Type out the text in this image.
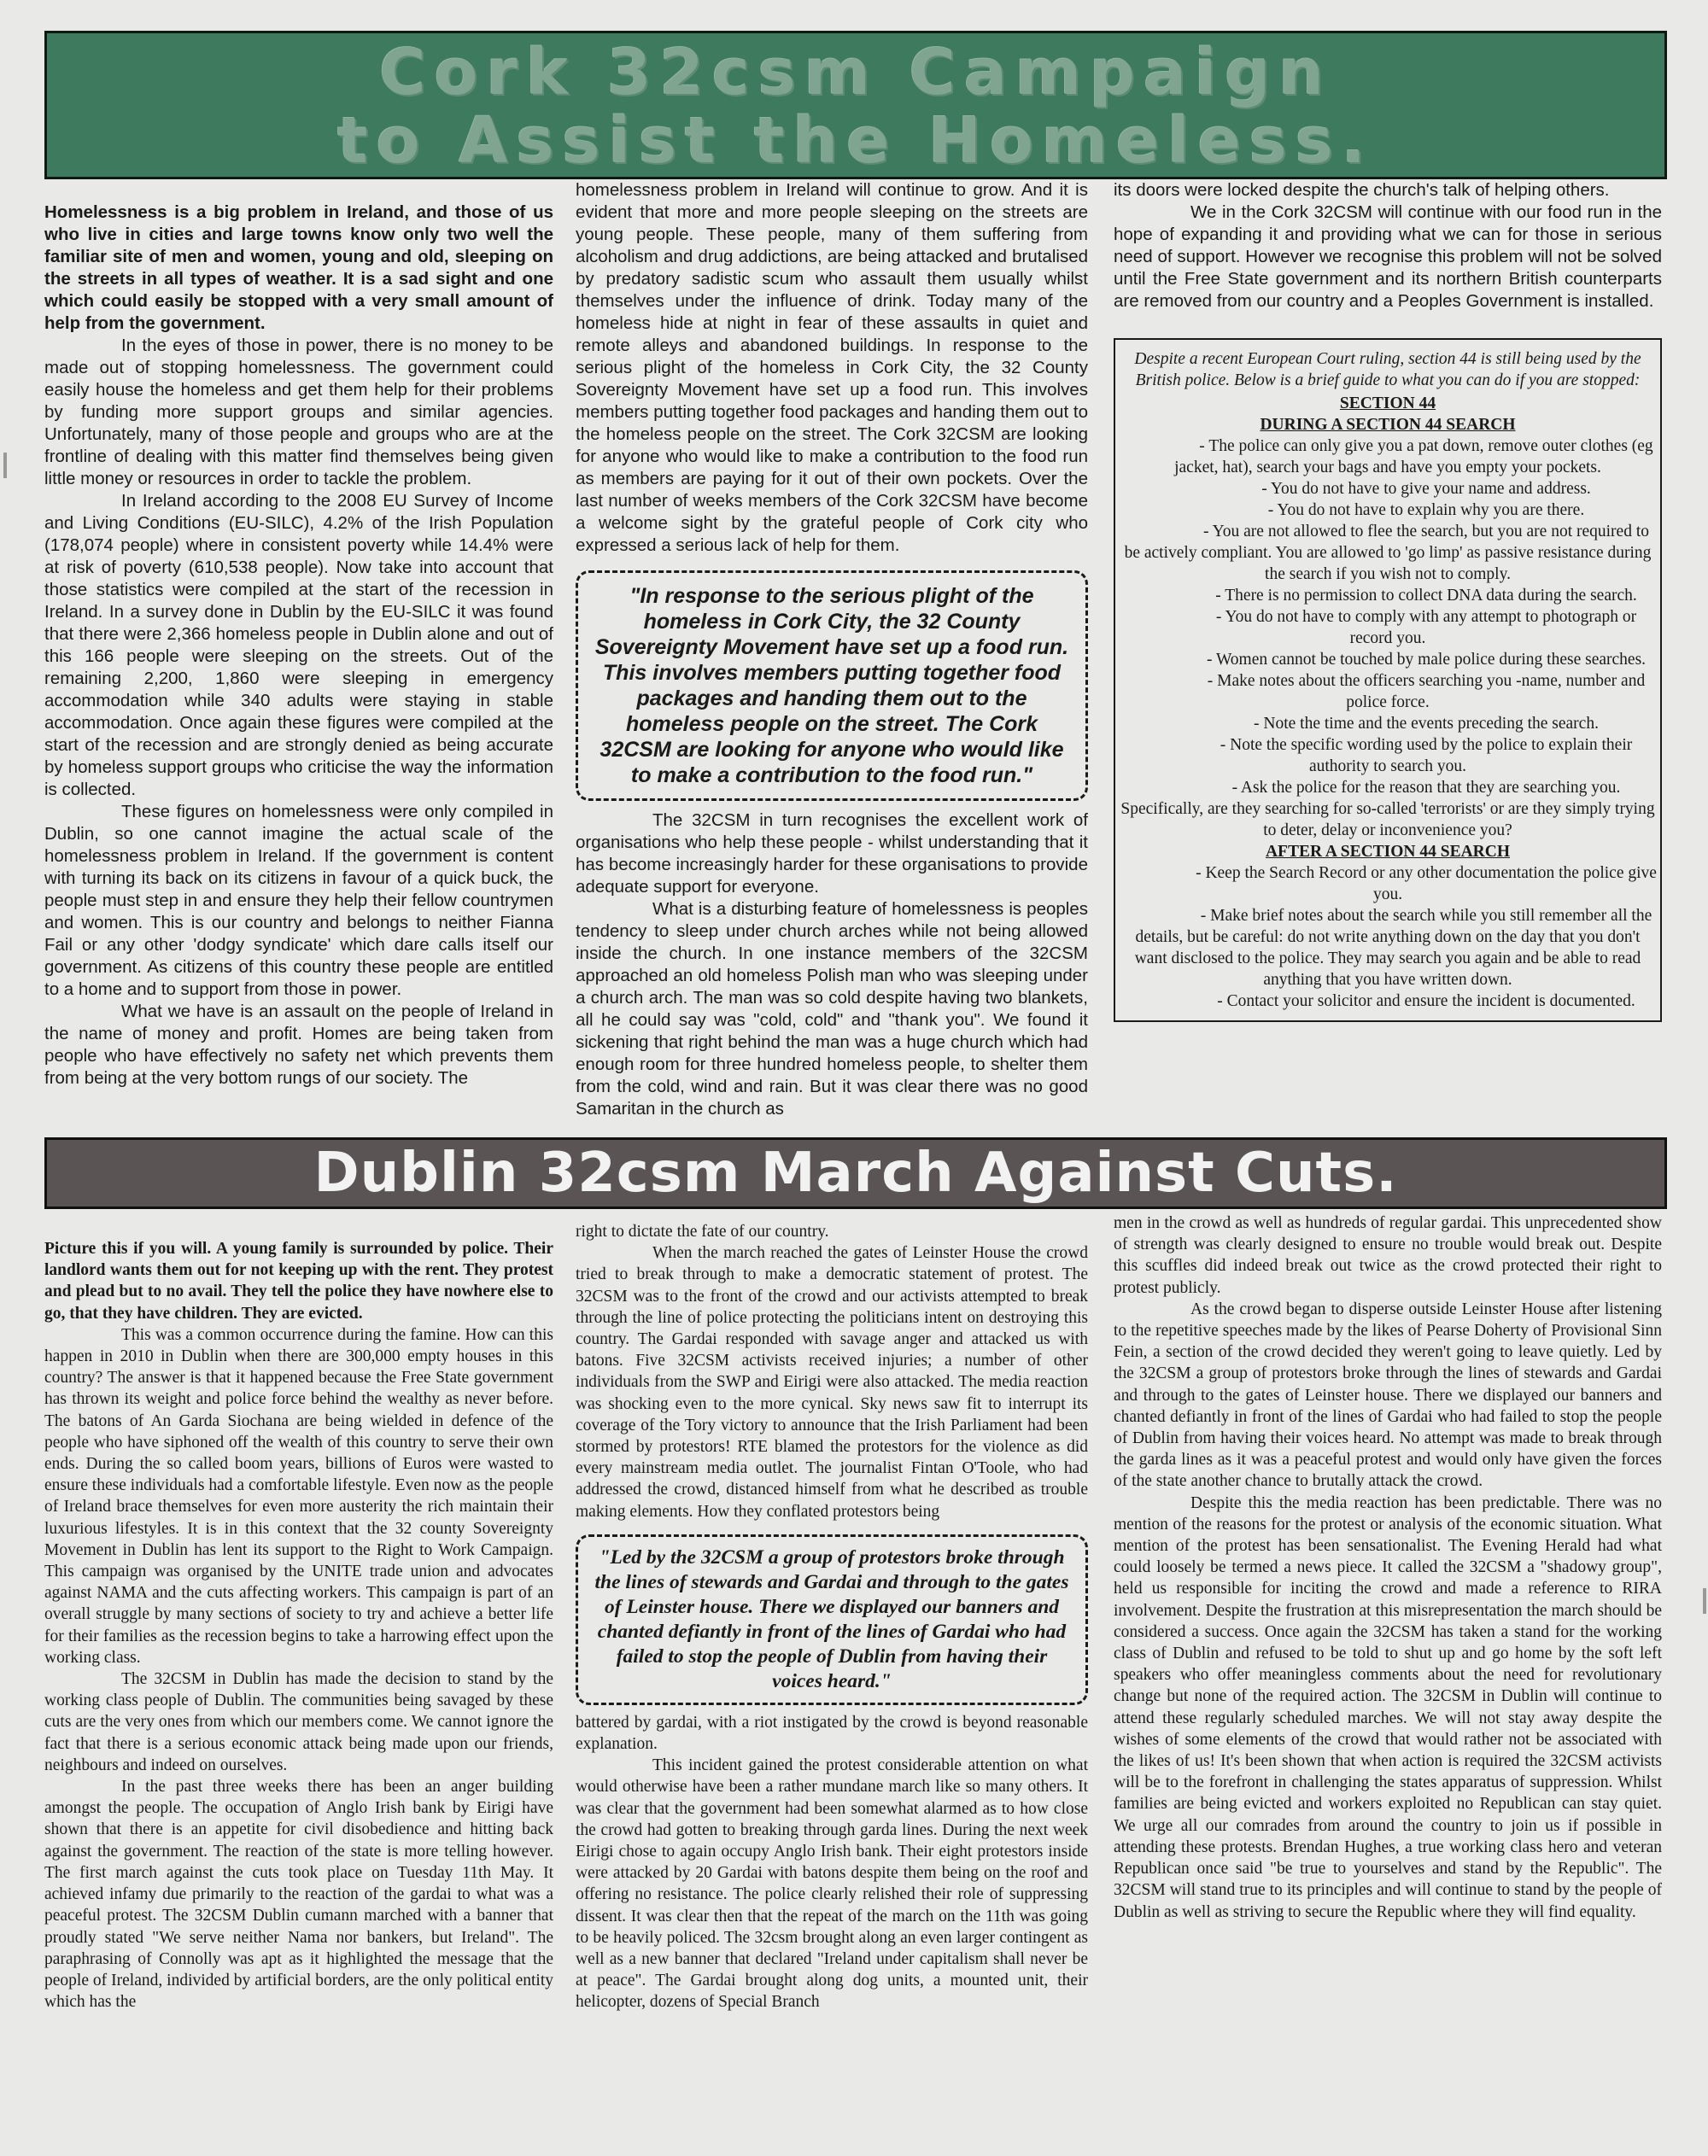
Cork 32csm Campaign
to Assist the Homeless.

Homelessness is a big problem in Ireland, and those of us who live in cities and large towns know only two well the familiar site of men and women, young and old, sleeping on the streets in all types of weather. It is a sad sight and one which could easily be stopped with a very small amount of help from the government.

In the eyes of those in power, there is no money to be made out of stopping homelessness. The government could easily house the homeless and get them help for their problems by funding more support groups and similar agencies. Unfortunately, many of those people and groups who are at the frontline of dealing with this matter find themselves being given little money or resources in order to tackle the problem.

In Ireland according to the 2008 EU Survey of Income and Living Conditions (EU-SILC), 4.2% of the Irish Population (178,074 people) where in consistent poverty while 14.4% were at risk of poverty (610,538 people). Now take into account that those statistics were compiled at the start of the recession in Ireland. In a survey done in Dublin by the EU-SILC it was found that there were 2,366 homeless people in Dublin alone and out of this 166 people were sleeping on the streets. Out of the remaining 2,200, 1,860 were sleeping in emergency accommodation while 340 adults were staying in stable accommodation. Once again these figures were compiled at the start of the recession and are strongly denied as being accurate by homeless support groups who criticise the way the information is collected.

These figures on homelessness were only compiled in Dublin, so one cannot imagine the actual scale of the homelessness problem in Ireland. If the government is content with turning its back on its citizens in favour of a quick buck, the people must step in and ensure they help their fellow countrymen and women. This is our country and belongs to neither Fianna Fail or any other 'dodgy syndicate' which dare calls itself our government. As citizens of this country these people are entitled to a home and to support from those in power.

What we have is an assault on the people of Ireland in the name of money and profit. Homes are being taken from people who have effectively no safety net which prevents them from being at the very bottom rungs of our society. The

homelessness problem in Ireland will continue to grow. And it is evident that more and more people sleeping on the streets are young people. These people, many of them suffering from alcoholism and drug addictions, are being attacked and brutalised by predatory sadistic scum who assault them usually whilst themselves under the influence of drink. Today many of the homeless hide at night in fear of these assaults in quiet and remote alleys and abandoned buildings. In response to the serious plight of the homeless in Cork City, the 32 County Sovereignty Movement have set up a food run. This involves members putting together food packages and handing them out to the homeless people on the street. The Cork 32CSM are looking for anyone who would like to make a contribution to the food run as members are paying for it out of their own pockets. Over the last number of weeks members of the Cork 32CSM have become a welcome sight by the grateful people of Cork city who expressed a serious lack of help for them.

"In response to the serious plight of the homeless in Cork City, the 32 County Sovereignty Movement have set up a food run. This involves members putting together food packages and handing them out to the homeless people on the street. The Cork 32CSM are looking for anyone who would like to make a contribution to the food run."

The 32CSM in turn recognises the excellent work of organisations who help these people - whilst understanding that it has become increasingly harder for these organisations to provide adequate support for everyone.

What is a disturbing feature of homelessness is peoples tendency to sleep under church arches while not being allowed inside the church. In one instance members of the 32CSM approached an old homeless Polish man who was sleeping under a church arch. The man was so cold despite having two blankets, all he could say was "cold, cold" and "thank you". We found it sickening that right behind the man was a huge church which had enough room for three hundred homeless people, to shelter them from the cold, wind and rain. But it was clear there was no good Samaritan in the church as

its doors were locked despite the church's talk of helping others.

We in the Cork 32CSM will continue with our food run in the hope of expanding it and providing what we can for those in serious need of support. However we recognise this problem will not be solved until the Free State government and its northern British counterparts are removed from our country and a Peoples Government is installed.

Despite a recent European Court ruling, section 44 is still being used by the British police. Below is a brief guide to what you can do if you are stopped:
SECTION 44
DURING A SECTION 44 SEARCH

- The police can only give you a pat down, remove outer clothes (eg jacket, hat), search your bags and have you empty your pockets.

- You do not have to give your name and address.

- You do not have to explain why you are there.

- You are not allowed to flee the search, but you are not required to be actively compliant. You are allowed to 'go limp' as passive resistance during the search if you wish not to comply.

- There is no permission to collect DNA data during the search.

- You do not have to comply with any attempt to photograph or record you.

- Women cannot be touched by male police during these searches.

- Make notes about the officers searching you -name, number and police force.

- Note the time and the events preceding the search.

- Note the specific wording used by the police to explain their authority to search you.

- Ask the police for the reason that they are searching you. Specifically, are they searching for so-called 'terrorists' or are they simply trying to deter, delay or inconvenience you?

AFTER A SECTION 44 SEARCH

- Keep the Search Record or any other documentation the police give you.

- Make brief notes about the search while you still remember all the details, but be careful: do not write anything down on the day that you don't want disclosed to the police. They may search you again and be able to read anything that you have written down.

- Contact your solicitor and ensure the incident is documented.

Dublin 32csm March Against Cuts.

Picture this if you will. A young family is surrounded by police. Their landlord wants them out for not keeping up with the rent. They protest and plead but to no avail. They tell the police they have nowhere else to go, that they have children. They are evicted.

This was a common occurrence during the famine. How can this happen in 2010 in Dublin when there are 300,000 empty houses in this country? The answer is that it happened because the Free State government has thrown its weight and police force behind the wealthy as never before. The batons of An Garda Siochana are being wielded in defence of the people who have siphoned off the wealth of this country to serve their own ends. During the so called boom years, billions of Euros were wasted to ensure these individuals had a comfortable lifestyle. Even now as the people of Ireland brace themselves for even more austerity the rich maintain their luxurious lifestyles. It is in this context that the 32 county Sovereignty Movement in Dublin has lent its support to the Right to Work Campaign. This campaign was organised by the UNITE trade union and advocates against NAMA and the cuts affecting workers. This campaign is part of an overall struggle by many sections of society to try and achieve a better life for their families as the recession begins to take a harrowing effect upon the working class.

The 32CSM in Dublin has made the decision to stand by the working class people of Dublin. The communities being savaged by these cuts are the very ones from which our members come. We cannot ignore the fact that there is a serious economic attack being made upon our friends, neighbours and indeed on ourselves.

In the past three weeks there has been an anger building amongst the people. The occupation of Anglo Irish bank by Eirigi have shown that there is an appetite for civil disobedience and hitting back against the government. The reaction of the state is more telling however. The first march against the cuts took place on Tuesday 11th May. It achieved infamy due primarily to the reaction of the gardai to what was a peaceful protest. The 32CSM Dublin cumann marched with a banner that proudly stated "We serve neither Nama nor bankers, but Ireland". The paraphrasing of Connolly was apt as it highlighted the message that the people of Ireland, individed by artificial borders, are the only political entity which has the

right to dictate the fate of our country.

When the march reached the gates of Leinster House the crowd tried to break through to make a democratic statement of protest. The 32CSM was to the front of the crowd and our activists attempted to break through the line of police protecting the politicians intent on destroying this country. The Gardai responded with savage anger and attacked us with batons. Five 32CSM activists received injuries; a number of other individuals from the SWP and Eirigi were also attacked. The media reaction was shocking even to the more cynical. Sky news saw fit to interrupt its coverage of the Tory victory to announce that the Irish Parliament had been stormed by protestors! RTE blamed the protestors for the violence as did every mainstream media outlet. The journalist Fintan O'Toole, who had addressed the crowd, distanced himself from what he described as trouble making elements. How they conflated protestors being

"Led by the 32CSM a group of protestors broke through the lines of stewards and Gardai and through to the gates of Leinster house. There we displayed our banners and chanted defiantly in front of the lines of Gardai who had failed to stop the people of Dublin from having their voices heard."

battered by gardai, with a riot instigated by the crowd is beyond reasonable explanation.

This incident gained the protest considerable attention on what would otherwise have been a rather mundane march like so many others. It was clear that the government had been somewhat alarmed as to how close the crowd had gotten to breaking through garda lines. During the next week Eirigi chose to again occupy Anglo Irish bank. Their eight protestors inside were attacked by 20 Gardai with batons despite them being on the roof and offering no resistance. The police clearly relished their role of suppressing dissent. It was clear then that the repeat of the march on the 11th was going to be heavily policed. The 32csm brought along an even larger contingent as well as a new banner that declared "Ireland under capitalism shall never be at peace". The Gardai brought along dog units, a mounted unit, their helicopter, dozens of Special Branch

men in the crowd as well as hundreds of regular gardai. This unprecedented show of strength was clearly designed to ensure no trouble would break out. Despite this scuffles did indeed break out twice as the crowd protected their right to protest publicly.

As the crowd began to disperse outside Leinster House after listening to the repetitive speeches made by the likes of Pearse Doherty of Provisional Sinn Fein, a section of the crowd decided they weren't going to leave quietly. Led by the 32CSM a group of protestors broke through the lines of stewards and Gardai and through to the gates of Leinster house. There we displayed our banners and chanted defiantly in front of the lines of Gardai who had failed to stop the people of Dublin from having their voices heard. No attempt was made to break through the garda lines as it was a peaceful protest and would only have given the forces of the state another chance to brutally attack the crowd.

Despite this the media reaction has been predictable. There was no mention of the reasons for the protest or analysis of the economic situation. What mention of the protest has been sensationalist. The Evening Herald had what could loosely be termed a news piece. It called the 32CSM a "shadowy group", held us responsible for inciting the crowd and made a reference to RIRA involvement. Despite the frustration at this misrepresentation the march should be considered a success. Once again the 32CSM has taken a stand for the working class of Dublin and refused to be told to shut up and go home by the soft left speakers who offer meaningless comments about the need for revolutionary change but none of the required action. The 32CSM in Dublin will continue to attend these regularly scheduled marches. We will not stay away despite the wishes of some elements of the crowd that would rather not be associated with the likes of us! It's been shown that when action is required the 32CSM activists will be to the forefront in challenging the states apparatus of suppression. Whilst families are being evicted and workers exploited no Republican can stay quiet. We urge all our comrades from around the country to join us if possible in attending these protests. Brendan Hughes, a true working class hero and veteran Republican once said "be true to yourselves and stand by the Republic". The 32CSM will stand true to its principles and will continue to stand by the people of Dublin as well as striving to secure the Republic where they will find equality.
